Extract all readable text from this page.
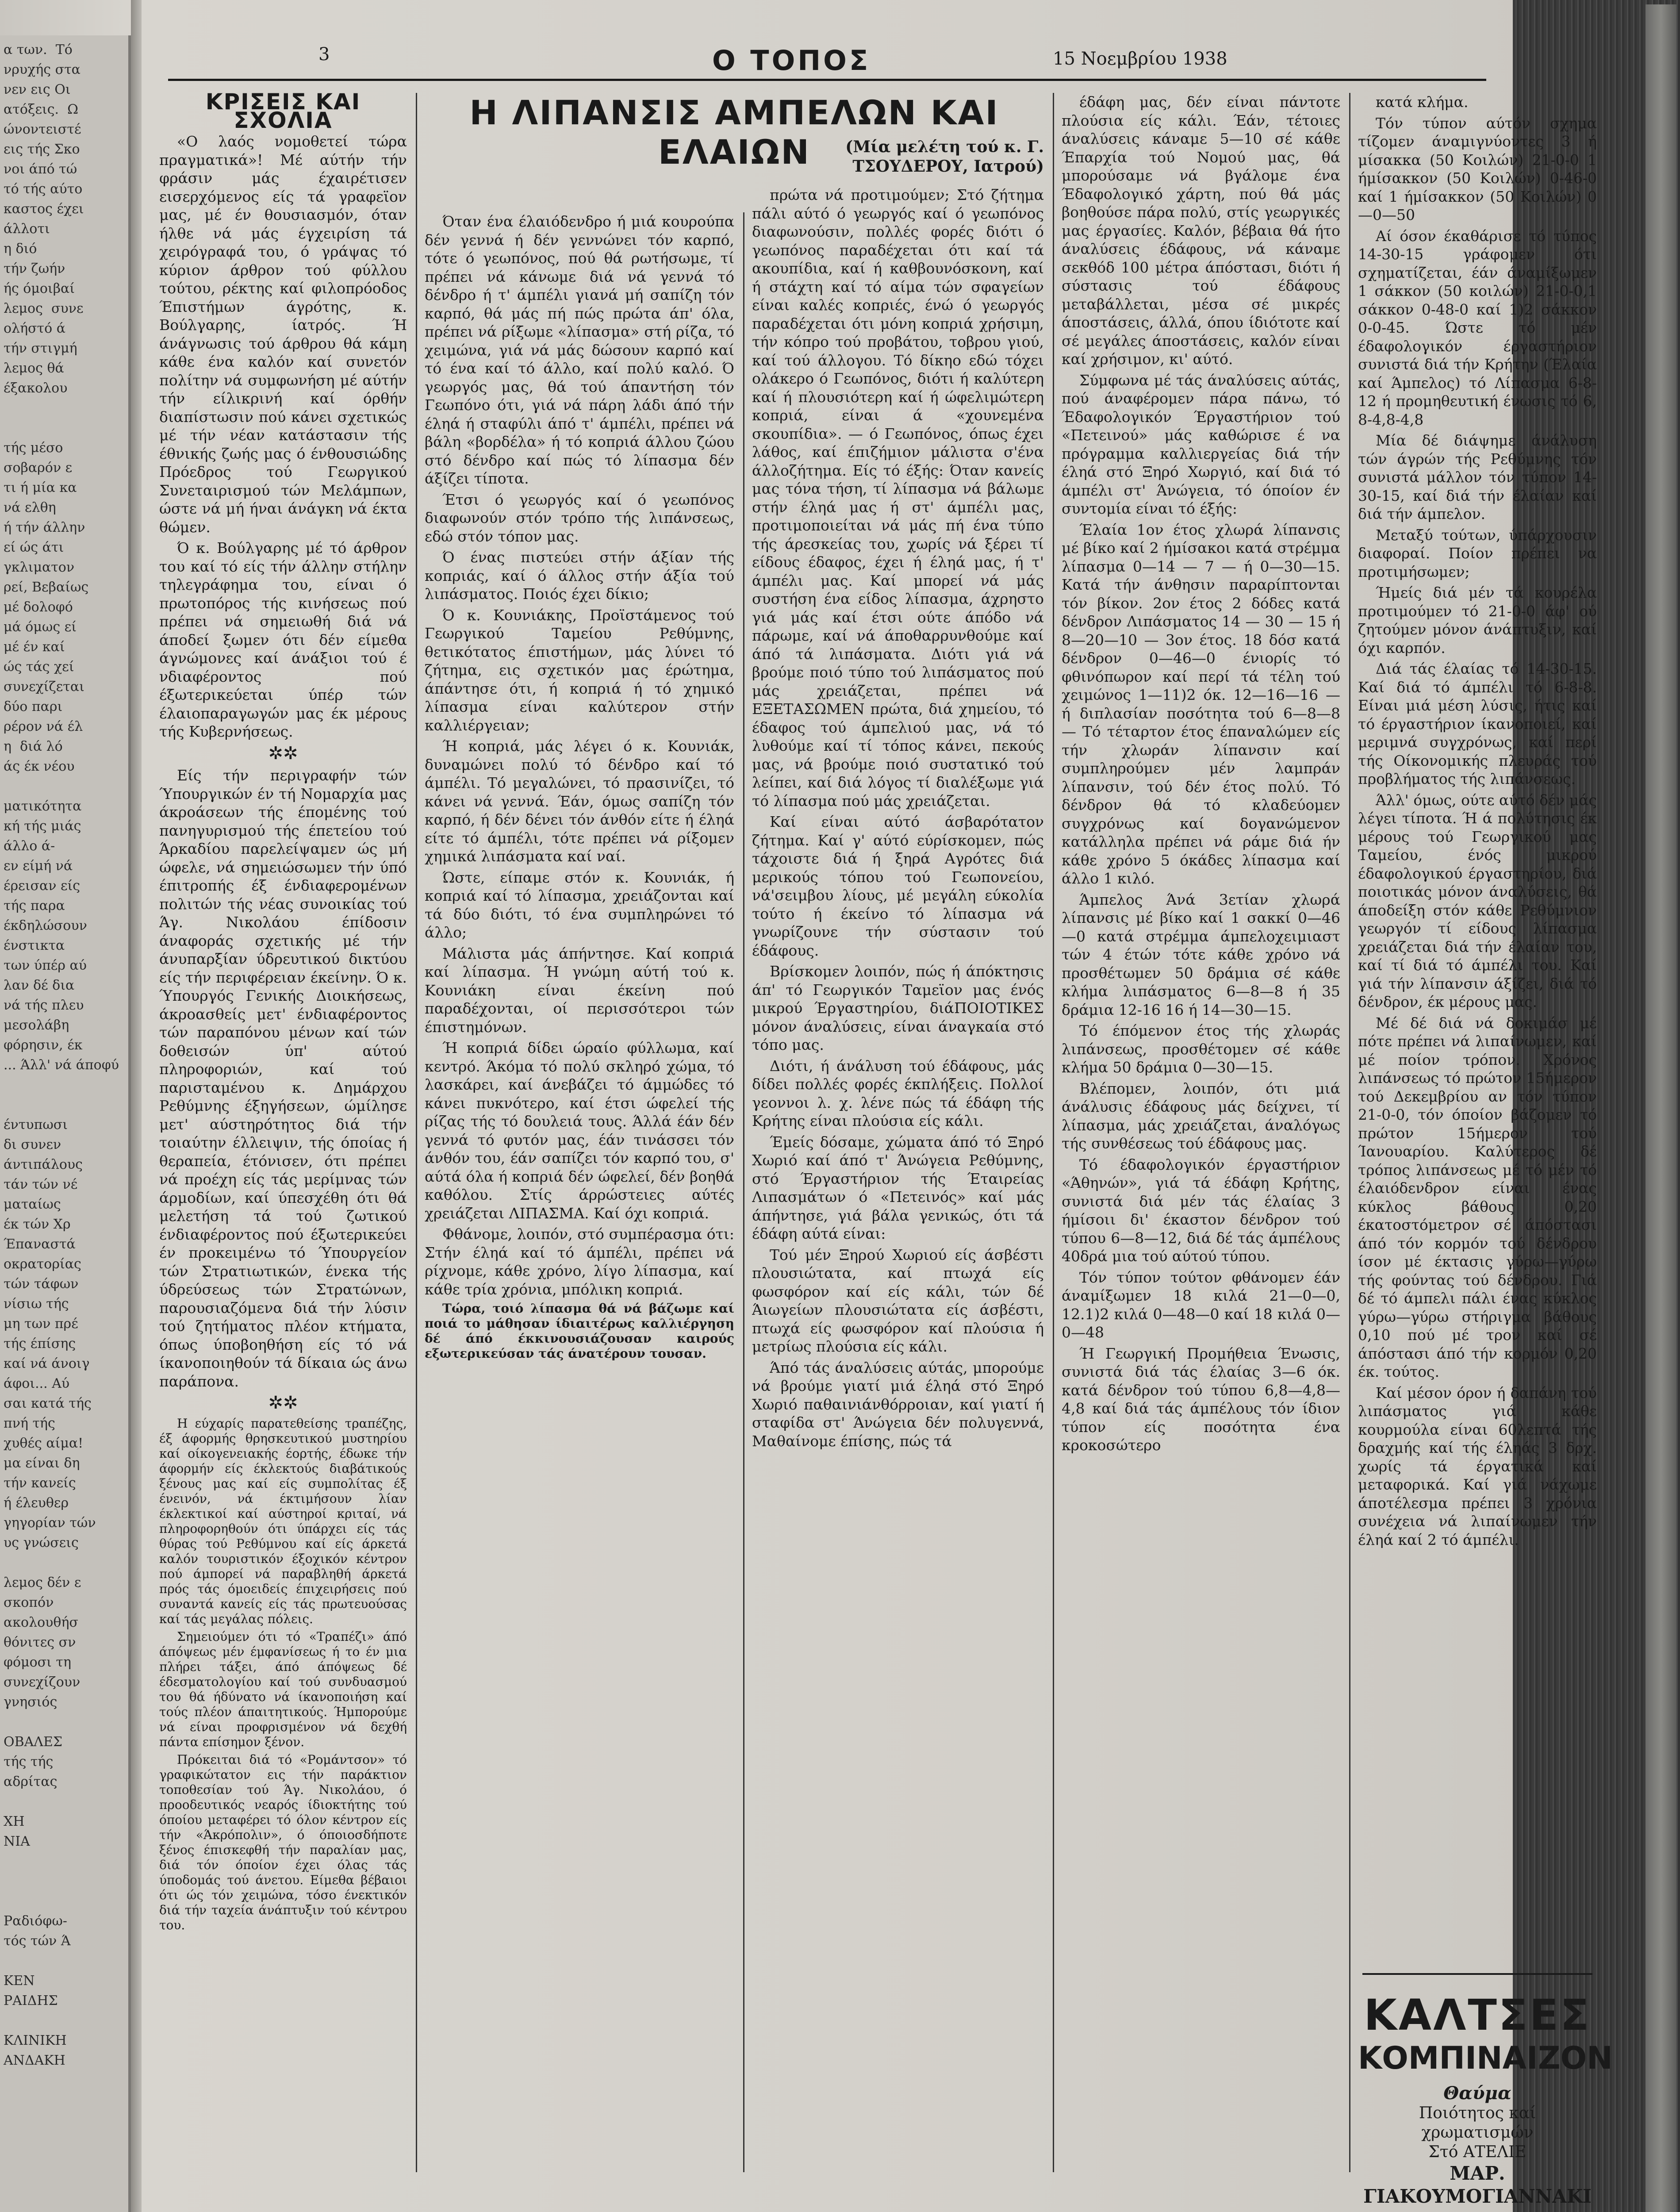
α των.  Τό
νρυχής στα
νεν εις Οι
ατόξεις.  Ω
ώνοντειστέ
εις τής Σκο
νοι άπό τώ
τό τής αύτο
καστος έχει
άλλοτι
η διό
τήν ζωήν
ής όμοιβαί
λεμος  συνε
ολήστό ά
τήν στιγμή
λεμος θά
έξακολου

τής μέσο
σοβαρόν ε
τι ή μία κα
νά ελθη
ή τήν άλλην
εί ώς άτι
γκλιματον
ρεί, Βεβαίως
μέ δολοφό
μά όμως εί
μέ έν καί
ώς τάς χεί
συνεχίζεται
δύο παρι
ρέρον νά έλ
η  διά λό
άς έκ νέου

ματικότητα
κή τής μιάς
άλλο ά-
εν είμή νά
έρεισαν είς
τής παρα
έκδηλώσουν
ένστικτα
των ύπέρ αύ
λαν δέ δια
νά τής πλευ
μεσολάβη
φόρησιν, έκ
... Άλλ' νά άποφύ

έντυπωσι
δι συνεν
άντιπάλους
τάν τών νέ
ματαίως
έκ τών Χρ
Έπαναστά
οκρατορίας
τών τάφων
νίσιω τής
μη των πρέ
τής έπίσης
καί νά άνοιγ
άφοι... Αύ
σαι κατά τής
πνή τής
χυθές αίμα!
μα είναι δη
τήν κανείς
ή έλευθερ
γηγορίαν τών
υς γνώσεις

λεμος δέν ε
σκοπόν
ακολουθήσ
θόνιτες σν
φόμοσι τη
συνεχίζουν
γνησιός

ΟΒΑΛΕΣ
τής τής
αδρίτας

ΧΗ
ΝΙΑ

Ραδιόφω-
τός τών Ά

ΚΕΝ
ΡΑΙΔΗΣ

ΚΛΙΝΙΚΗ
ΑΝΔΑΚΗ
3	Ο ΤΟΠΟΣ	15 Νοεμβρίου 1938
ΚΡΙΣΕΙΣ ΚΑΙ ΣΧΟΛΙΑ

«Ο λαός νομοθετεί τώρα πραγματικά»! Μέ αύτήν τήν φράσιν μάς έχαιρέτισεν εισερχόμενος είς τά γραφεϊον μας, μέ έν θουσιασμόν, όταν ήλθε νά μάς έγχειρίση τά χειρόγραφά του, ό γράψας τό κύριον άρθρον τού φύλλου τούτου, ρέκτης καί φιλοπρόοδος Έπιστήμων άγρότης, κ. Βούλγαρης, ίατρός. Ή άνάγνωσις τού άρθρου θά κάμη κάθε ένα καλόν καί συνετόν πολίτην νά συμφωνήση μέ αύτήν τήν είλικρινή καί όρθήν διαπίστωσιν πού κάνει σχετικώς μέ τήν νέαν κατάστασιν τής έθνικής ζωής μας ό ένθουσιώδης Πρόεδρος τού Γεωργικού Συνεταιρισμού τών Μελάμπων, ώστε νά μή ήναι άνάγκη νά έκτα θώμεν.

Ό κ. Βούλγαρης μέ τό άρθρον του καί τό είς τήν άλλην στήλην τηλεγράφημα του, είναι ό πρωτοπόρος τής κινήσεως πού πρέπει νά σημειωθή διά νά άποδεί ξωμεν ότι δέν είμεθα άγνώμονες καί άνάξιοι τού έ νδιαφέροντος πού έξωτερικεύεται ύπέρ τών έλαιοπαραγωγών μας έκ μέρους τής Κυβερνήσεως.

✲✲

Είς τήν περιγραφήν τών Ύπουργικών έν τή Νομαρχία μας άκροάσεων τής έπομένης τού πανηγυρισμού τής έπετείου τού Άρκαδίου παρελείψαμεν ώς μή ώφελε, νά σημειώσωμεν τήν ύπό έπιτροπής έξ ένδιαφερομένων πολιτών τής νέας συνοικίας τού Άγ. Νικολάου έπίδοσιν άναφοράς σχετικής μέ τήν άνυπαρξίαν ύδρευτικού δικτύου είς τήν περιφέρειαν έκείνην. Ό κ. Ύπουργός Γενικής Διοικήσεως, άκροασθείς μετ' ένδιαφέροντος τών παραπόνου μένων καί τών δοθεισών ύπ' αύτού πληροφοριών, καί τού παρισταμένου κ. Δημάρχου Ρεθύμνης έξηγήσεων, ώμίλησε μετ' αύστηρότητος διά τήν τοιαύτην έλλειψιν, τής όποίας ή θεραπεία, έτόνισεν, ότι πρέπει νά προέχη είς τάς μερίμνας τών άρμοδίων, καί ύπεσχέθη ότι θά μελετήση τά τού ζωτικού ένδιαφέροντος πού έξωτερικεύει έν προκειμένω τό Ύπουργείον τών Στρατιωτικών, ένεκα τής ύδρεύσεως τών Στρατώνων, παρουσιαζόμενα διά τήν λύσιν τού ζητήματος πλέον κτήματα, όπως ύποβοηθήση είς τό νά ίκανοποιηθούν τά δίκαια ώς άνω παράπονα.

✲✲

Η εύχαρίς παρατεθείσης τραπέζης, έξ άφορμής θρησκευτικού μυστηρίου καί οίκογενειακής έορτής, έδωκε τήν άφορμήν είς έκλεκτούς διαβάτικούς ξένους μας καί είς συμπολίτας έξ ένεινόν, νά έκτιμήσουν λίαν έκλεκτικοί καί αύστηροί κριταί, νά πληροφορηθούν ότι ύπάρχει είς τάς θύρας τού Ρεθύμνου καί είς άρκετά καλόν τουριστικόν έξοχικόν κέντρον πού άμπορεί νά παραβληθή άρκετά πρός τάς όμοειδείς έπιχειρήσεις πού συναντά κανείς είς τάς πρωτευούσας καί τάς μεγάλας πόλεις.

Σημειούμεν ότι τό «Τραπέζι» άπό άπόψεως μέν έμφανίσεως ή το έν μια πλήρει τάξει, άπό άπόψεως δέ έδεσματολογίου καί τού συνδυασμού του θά ήδύνατο νά ίκανοποιήση καί τούς πλέον άπαιτητικούς. Ήμπορούμε νά είναι προφρισμένον νά δεχθή πάντα επίσημον ξένον.

Πρόκειται διά τό «Ρομάντσον» τό γραφικώτατον εις τήν παράκτιον τοποθεσίαν τού Άγ. Νικολάου, ό προοδευτικός νεαρός ίδιοκτήτης τού όποίου μεταφέρει τό όλον κέντρον είς τήν «Άκρόπολιν», ό όποιοσδήποτε ξένος έπισκεφθή τήν παραλίαν μας, διά τόν όποίον έχει όλας τάς ύποδομάς τού άνετου. Είμεθα βέβαιοι ότι ώς τόν χειμώνα, τόσο ένεκτικόν διά τήν ταχεία άνάπτυξιν τού κέντρου του.

Η ΛΙΠΑΝΣΙΣ ΑΜΠΕΛΩΝ ΚΑΙ ΕΛΑΙΩΝ	(Μία μελέτη τού κ. Γ. ΤΣΟΥΔΕΡΟΥ, Ιατρού)

Όταν ένα έλαιόδενδρο ή μιά κουρούπα δέν γεννά ή δέν γεννώνει τόν καρπό, τότε ό γεωπόνος, πού θά ρωτήσωμε, τί πρέπει νά κάνωμε διά νά γεννά τό δένδρο ή τ' άμπέλι γιανά μή σαπίζη τόν καρπό, θά μάς πή πώς πρώτα άπ' όλα, πρέπει νά ρίξωμε «λίπασμα» στή ρίζα, τό χειμώνα, γιά νά μάς δώσουν καρπό καί τό ένα καί τό άλλο, καί πολύ καλό. Ό γεωργός μας, θά τού άπαντήση τόν Γεωπόνο ότι, γιά νά πάρη λάδι άπό τήν έληά ή σταφύλι άπό τ' άμπέλι, πρέπει νά βάλη «βορδέλα» ή τό κοπριά άλλου ζώου στό δένδρο καί πώς τό λίπασμα δέν άξίζει τίποτα.

Έτσι ό γεωργός καί ό γεωπόνος διαφωνούν στόν τρόπο τής λιπάνσεως, εδώ στόν τόπον μας.

Ό ένας πιστεύει στήν άξίαν τής κοπριάς, καί ό άλλος στήν άξία τού λιπάσματος. Ποιός έχει δίκιο;

Ό κ. Κουνιάκης, Προϊστάμενος τού Γεωργικού Ταμείου Ρεθύμνης, θετικότατος έπιστήμων, μάς λύνει τό ζήτημα, εις σχετικόν μας έρώτημα, άπάντησε ότι, ή κοπριά ή τό χημικό λίπασμα είναι καλύτερον στήν καλλιέργειαν;

Ή κοπριά, μάς λέγει ό κ. Κουνιάκ, δυναμώνει πολύ τό δένδρο καί τό άμπέλι. Τό μεγαλώνει, τό πρασινίζει, τό κάνει νά γεννά. Έάν, όμως σαπίζη τόν καρπό, ή δέν δένει τόν άνθόν είτε ή έληά είτε τό άμπέλι, τότε πρέπει νά ρίξομεν χημικά λιπάσματα καί ναί.

Ώστε, είπαμε στόν κ. Κουνιάκ, ή κοπριά καί τό λίπασμα, χρειάζονται καί τά δύο διότι, τό ένα συμπληρώνει τό άλλο;

Μάλιστα μάς άπήντησε. Καί κοπριά καί λίπασμα. Ή γνώμη αύτή τού κ. Κουνιάκη είναι έκείνη πού παραδέχονται, οί περισσότεροι τών έπιστημόνων.

Ή κοπριά δίδει ώραίο φύλλωμα, καί κεντρό. Άκόμα τό πολύ σκληρό χώμα, τό λασκάρει, καί άνεβάζει τό άμμώδες τό κάνει πυκνότερο, καί έτσι ώφελεί τής ρίζας τής τό δουλειά τους. Άλλά έάν δέν γεννά τό φυτόν μας, έάν τινάσσει τόν άνθόν του, έάν σαπίζει τόν καρπό του, σ' αύτά όλα ή κοπριά δέν ώφελεί, δέν βοηθά καθόλου. Στίς άρρώστειες αύτές χρειάζεται ΛΙΠΑΣΜΑ. Καί όχι κοπριά.

Φθάνομε, λοιπόν, στό συμπέρασμα ότι: Στήν έληά καί τό άμπέλι, πρέπει νά ρίχνομε, κάθε χρόνο, λίγο λίπασμα, καί κάθε τρία χρόνια, μπόλικη κοπριά.

Τώρα, τοιό λίπασμα θά νά βάζωμε καί ποιά το μάθησαν ίδιαιτέρως καλλιέργηση δέ άπό έκκινουσιάζουσαν καιρούς εξωτερικεύσαν τάς άνατέρουν τουσαν.

πρώτα νά προτιμούμεν; Στό ζήτημα πάλι αύτό ό γεωργός καί ό γεωπόνος διαφωνούσιν, πολλές φορές διότι ό γεωπόνος παραδέχεται ότι καί τά ακουπίδια, καί ή καθβουνόσκονη, καί ή στάχτη καί τό αίμα τών σφαγείων είναι καλές κοπριές, ένώ ό γεωργός παραδέχεται ότι μόνη κοπριά χρήσιμη, τήν κόπρο τού προβάτου, τοβρου γιού, καί τού άλλογου. Τό δίκηο εδώ τόχει ολάκερο ό Γεωπόνος, διότι ή καλύτερη καί ή πλουσιότερη καί ή ώφελιμώτερη κοπριά, είναι ά «χουνεμένα σκουπίδια». — ό Γεωπόνος, όπως έχει λάθος, καί έπιζήμιον μάλιστα σ'ένα άλλοζήτημα. Είς τό έξής: Όταν κανείς μας τόνα τήση, τί λίπασμα νά βάλωμε στήν έληά μας ή στ' άμπέλι μας, προτιμοποιείται νά μάς πή ένα τύπο τής άρεσκείας του, χωρίς νά ξέρει τί είδους έδαφος, έχει ή έληά μας, ή τ' άμπέλι μας. Καί μπορεί νά μάς συστήση ένα είδος λίπασμα, άχρηστο γιά μάς καί έτσι ούτε άπόδο νά πάρωμε, καί νά άποθαρρυνθούμε καί άπό τά λιπάσματα. Διότι γιά νά βρούμε ποιό τύπο τού λιπάσματος πού μάς χρειάζεται, πρέπει νά ΕΞΕΤΑΣΩΜΕΝ πρώτα, διά χημείου, τό έδαφος τού άμπελιού μας, νά τό λυθούμε καί τί τόπος κάνει, πεκούς μας, νά βρούμε ποιό συστατικό τού λείπει, καί διά λόγος τί διαλέξωμε γιά τό λίπασμα πού μάς χρειάζεται.

Καί είναι αύτό άσβαρότατον ζήτημα. Καί γ' αύτό εύρίσκομεν, πώς τάχοιστε διά ή ξηρά Αγρότες διά μερικούς τόπου τού Γεωπονείου, νά'σειμβου λίους, μέ μεγάλη εύκολία τούτο ή έκείνο τό λίπασμα νά γνωρίζουνε τήν σύστασιν τού έδάφους.

Βρίσκομεν λοιπόν, πώς ή άπόκτησις άπ' τό Γεωργικόν Ταμεϊον μας ένός μικρού Έργαστηρίου, διάΠΟΙΟΤΙΚΕΣ μόνον άναλύσεις, είναι άναγκαία στό τόπο μας.

Διότι, ή άνάλυση τού έδάφους, μάς δίδει πολλές φορές έκπλήξεις. Πολλοί γεοννοι λ. χ. λένε πώς τά έδάφη τής Κρήτης είναι πλούσια είς κάλι.

Έμείς δόσαμε, χώματα άπό τό Ξηρό Χωριό καί άπό τ' Άνώγεια Ρεθύμνης, στό Έργαστήριον τής Έταιρείας Λιπασμάτων ό «Πετεινός» καί μάς άπήντησε, γιά βάλα γενικώς, ότι τά έδάφη αύτά είναι:

Τού μέν Ξηρού Χωριού είς άσβέστι πλουσιώτατα, καί πτωχά είς φωσφόρον καί είς κάλι, τών δέ Άιωγείων πλουσιώτατα είς άσβέστι, πτωχά είς φωσφόρον καί πλούσια ή μετρίως πλούσια είς κάλι.

Άπό τάς άναλύσεις αύτάς, μπορούμε νά βρούμε γιατί μιά έληά στό Ξηρό Χωριό παθαινιάνθόρροιαν, καί γιατί ή σταφίδα στ' Άνώγεια δέν πολυγεννά, Μαθαίνομε έπίσης, πώς τά

έδάφη μας, δέν είναι πάντοτε πλούσια είς κάλι. Έάν, τέτοιες άναλύσεις κάναμε 5—10 σέ κάθε Έπαρχία τού Νομού μας, θά μπορούσαμε νά βγάλομε ένα Έδαφολογικό χάρτη, πού θά μάς βοηθούσε πάρα πολύ, στίς γεωργικές μας έργασίες. Καλόν, βέβαια θά ήτο άναλύσεις έδάφους, νά κάναμε σεκθόδ 100 μέτρα άπόστασι, διότι ή σύστασις τού έδάφους μεταβάλλεται, μέσα σέ μικρές άποστάσεις, άλλά, όπου ίδιότοτε καί σέ μεγάλες άποστάσεις, καλόν είναι καί χρήσιμον, κι' αύτό.

Σύμφωνα μέ τάς άναλύσεις αύτάς, πού άναφέρομεν πάρα πάνω, τό Έδαφολογικόν Έργαστήριον τού «Πετεινού» μάς καθώρισε έ να πρόγραμμα καλλιεργείας διά τήν έληά στό Ξηρό Χωργιό, καί διά τό άμπέλι στ' Άνώγεια, τό όποίον έν συντομία είναι τό έξής:

Έλαία 1ον έτος χλωρά λίπανσις μέ βίκο καί 2 ήμίσακοι κατά στρέμμα λίπασμα 0—14 — 7 — ή 0—30—15. Κατά τήν άνθησιν παραρίπτονται τόν βίκον. 2ον έτος 2 δόδες κατά δένδρον Λιπάσματος 14 — 30 — 15 ή 8—20—10 — 3ον έτος. 18 δόσ κατά δένδρον 0—46—0 ένιορίς τό φθινόπωρον καί περί τά τέλη τού χειμώνος 1—11)2 όκ. 12—16—16 — ή διπλασίαν ποσότητα τού 6—8—8 — Τό τέταρτον έτος έπαναλώμεν είς τήν χλωράν λίπανσιν καί συμπληρούμεν μέν λαμπράν λίπανσιν, τού δέν έτος πολύ. Τό δένδρον θά τό κλαδεύομεν συγχρόνως καί δογανώμενον κατάλληλα πρέπει νά ράμε διά ήν κάθε χρόνο 5 όκάδες λίπασμα καί άλλο 1 κιλό.

Άμπελος Άνά 3ετίαν χλωρά λίπανσις μέ βίκο καί 1 σακκί 0—46—0 κατά στρέμμα άμπελοχειμιαστ τών 4 έτών τότε κάθε χρόνο νά προσθέτωμεν 50 δράμια σέ κάθε κλήμα λιπάσματος 6—8—8 ή 35 δράμια 12-16 16 ή 14—30—15.

Τό έπόμενον έτος τής χλωράς λιπάνσεως, προσθέτομεν σέ κάθε κλήμα 50 δράμια 0—30—15.

Βλέπομεν, λοιπόν, ότι μιά άνάλυσις έδάφους μάς δείχνει, τί λίπασμα, μάς χρειάζεται, άναλόγως τής συνθέσεως τού έδάφους μας.

Τό έδαφολογικόν έργαστήριον «Άθηνών», γιά τά έδάφη Κρήτης, συνιστά διά μέν τάς έλαίας 3 ήμίσοιι δι' έκαστον δένδρον τού τύπου 6—8—12, διά δέ τάς άμπέλους 40δρά μια τού αύτού τύπου.

Τόν τύπον τούτον φθάνομεν έάν άναμίξωμεν 18 κιλά 21—0—0, 12.1)2 κιλά 0—48—0 καί 18 κιλά 0—0—48

Ή Γεωργική Προμήθεια Ένωσις, συνιστά διά τάς έλαίας 3—6 όκ. κατά δένδρον τού τύπου 6,8—4,8—4,8 καί διά τάς άμπέλους τόν ίδιον τύπον είς ποσότητα ένα κροκοσώτερο

κατά κλήμα.

Τόν τύπον αύτόν σχημα τίζομεν άναμιγνύοντες 3 ή μίσακκα (50 Κοιλών) 21-0-0 1 ήμίσακκον (50 Κοιλών) 0-46-0 καί 1 ήμίσακκον (50 Κοιλών) 0—0—50

Αί όσον έκαθάρισε τό τύπος 14-30-15 γράφομεν ότι σχηματίζεται, έάν άναμίξωμεν 1 σάκκον (50 κοιλών) 21-0-0,1 σάκκον 0-48-0 καί 1)2 σάκκον 0-0-45. Ώστε τό μέν έδαφολογικόν έργαστήριον συνιστά διά τήν Κρήτην (Έλαία καί Άμπελος) τό Λίπασμα 6-8-12 ή προμηθευτική ένωσις τό 6, 8-4,8-4,8

Μία δέ διάψημε άνάλυση τών άγρών τής Ρεθύμνης τόν συνιστά μάλλον τόν τύπον 14-30-15, καί διά τήν έλαίαν καί διά τήν άμπελον.

Μεταξύ τούτων, ύπάρχουσιν διαφοραί. Ποίον πρέπει να προτιμήσωμεν;

Ήμείς διά μέν τά κουρέλα προτιμούμεν τό 21-0-0 άφ' ού ζητούμεν μόνον άνάπτυξιν, καί όχι καρπόν.

Διά τάς έλαίας τό 14-30-15. Καί διά τό άμπέλι τό 6-8-8. Είναι μιά μέση λύσις, ήτις καί τό έργαστήριον ίκανοποιεί, καί μεριμνά συγχρόνως, καί περί τής Οίκονομικής πλευράς τού προβλήματος τής λιπάνσεως.

Άλλ' όμως, ούτε αύτό δέν μάς λέγει τίποτα. Ή ά πολύτησις έκ μέρους τού Γεωργικού μας Ταμείου, ένός μικρού έδαφολογικού έργαστηρίου, διά ποιοτικάς μόνον άναλύσεις, θά άποδείξη στόν κάθε Ρεθύμνιον γεωργόν τί είδους λίπασμα χρειάζεται διά τήν έλαίαν του, καί τί διά τό άμπέλι του. Καί γιά τήν λίπανσιν άξίζει, διά τό δένδρον, έκ μέρους μας.

Μέ δέ διά νά δοκιμάσ μέ πότε πρέπει νά λιπαίνωμεν, καί μέ ποίον τρόπον. Χρόνος λιπάνσεως τό πρώτον 15ήμερον τού Δεκεμβρίου αν τόν τύπον 21-0-0, τόν όποίον βάζομεν τό πρώτον 15ήμερον τού Ίανουαρίου. Καλύτερος δέ τρόπος λιπάνσεως μέ τό μέν τό έλαιόδενδρον είναι ένας κύκλος βάθους 0,20 έκατοστόμετρον σέ άπόστασι άπό τόν κορμόν τού δένδρου ίσον μέ έκτασις γύρω—γύρω τής φούντας τού δένδρου. Γιά δέ τό άμπελι πάλι ένας κύκλος γύρω—γύρω στήριγμα βάθους 0,10 πού μέ τρον καί σέ άπόστασι άπό τήν κορμόν 0,20 έκ. τούτος.

Καί μέσον όρον ή δαπάνη τού λιπάσματος γιά κάθε κουρμούλα είναι 60λεπτά τής δραχμής καί τής έληάς 3 δρχ. χωρίς τά έργατικά καί μεταφορικά. Καί γιά νάχωμε άποτέλεσμα πρέπει 3 χρόνια συνέχεια νά λιπαίνωμεν τήν έληά καί 2 τό άμπέλι.

ΚΑΛΤΣΕΣ
ΚΟΜΠΙΝΑΙΖΟΝ
Θαύμα
Ποιότητος καί
χρωματισμών
Στό ΑΤΕΛΙΕ
ΜΑΡ. ΓΙΑΚΟΥΜΟΓΙΑΝΝΑΚΙ
